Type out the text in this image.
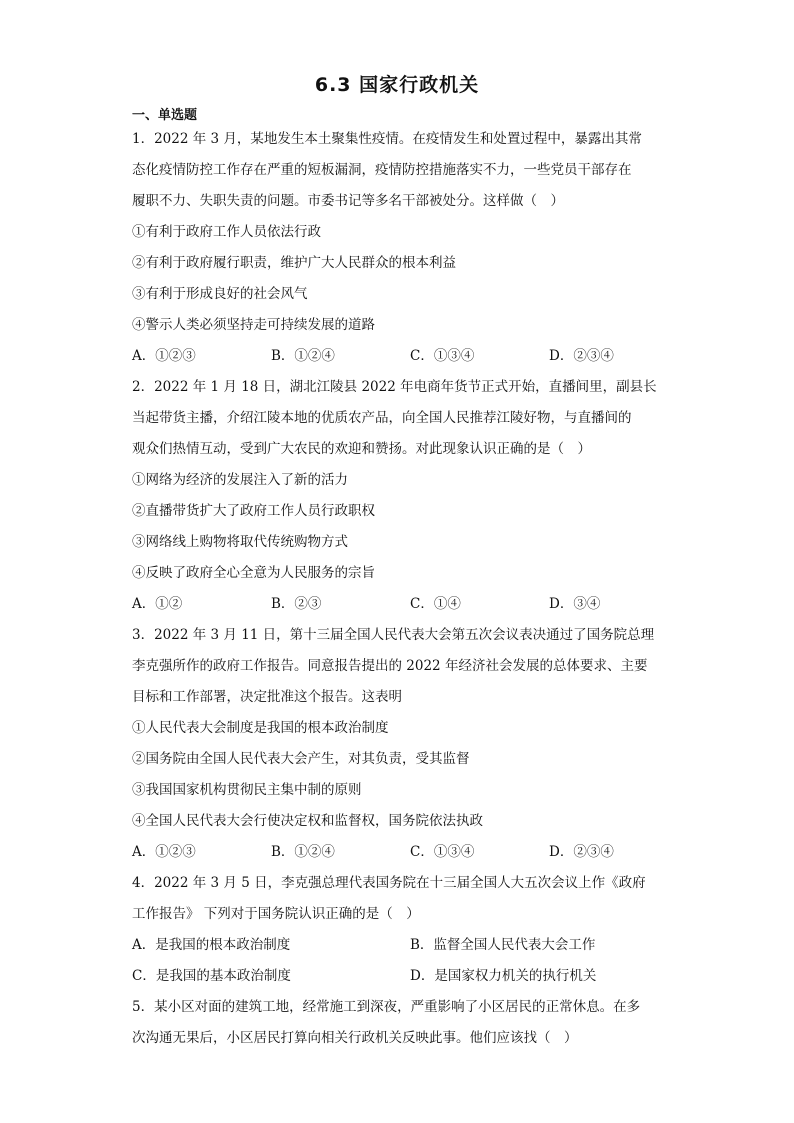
6.3 国家行政机关
一、单选题

1．2022 年 3 月，某地发生本土聚集性疫情。在疫情发生和处置过程中，暴露出其常

态化疫情防控工作存在严重的短板漏洞，疫情防控措施落实不力，一些党员干部存在

履职不力、失职失责的问题。市委书记等多名干部被处分。这样做（　）

①有利于政府工作人员依法行政

②有利于政府履行职责，维护广大人民群众的根本利益

③有利于形成良好的社会风气

④警示人类必须坚持走可持续发展的道路

A．①②③	B．①②④	C．①③④	D．②③④

2．2022 年 1 月 18 日，湖北江陵县 2022 年电商年货节正式开始，直播间里，副县长

当起带货主播，介绍江陵本地的优质农产品，向全国人民推荐江陵好物，与直播间的

观众们热情互动，受到广大农民的欢迎和赞扬。对此现象认识正确的是（　）

①网络为经济的发展注入了新的活力

②直播带货扩大了政府工作人员行政职权

③网络线上购物将取代传统购物方式

④反映了政府全心全意为人民服务的宗旨

A．①②	B．②③	C．①④	D．③④

3．2022 年 3 月 11 日，第十三届全国人民代表大会第五次会议表决通过了国务院总理

李克强所作的政府工作报告。同意报告提出的 2022 年经济社会发展的总体要求、主要

目标和工作部署，决定批准这个报告。这表明

①人民代表大会制度是我国的根本政治制度

②国务院由全国人民代表大会产生，对其负责，受其监督

③我国国家机构贯彻民主集中制的原则

④全国人民代表大会行使决定权和监督权，国务院依法执政

A．①②③	B．①②④	C．①③④	D．②③④

4．2022 年 3 月 5 日，李克强总理代表国务院在十三届全国人大五次会议上作《政府

工作报告》 下列对于国务院认识正确的是（　）

A．是我国的根本政治制度	B．监督全国人民代表大会工作
C．是我国的基本政治制度	D．是国家权力机关的执行机关

5．某小区对面的建筑工地，经常施工到深夜，严重影响了小区居民的正常休息。在多

次沟通无果后，小区居民打算向相关行政机关反映此事。他们应该找（　）
